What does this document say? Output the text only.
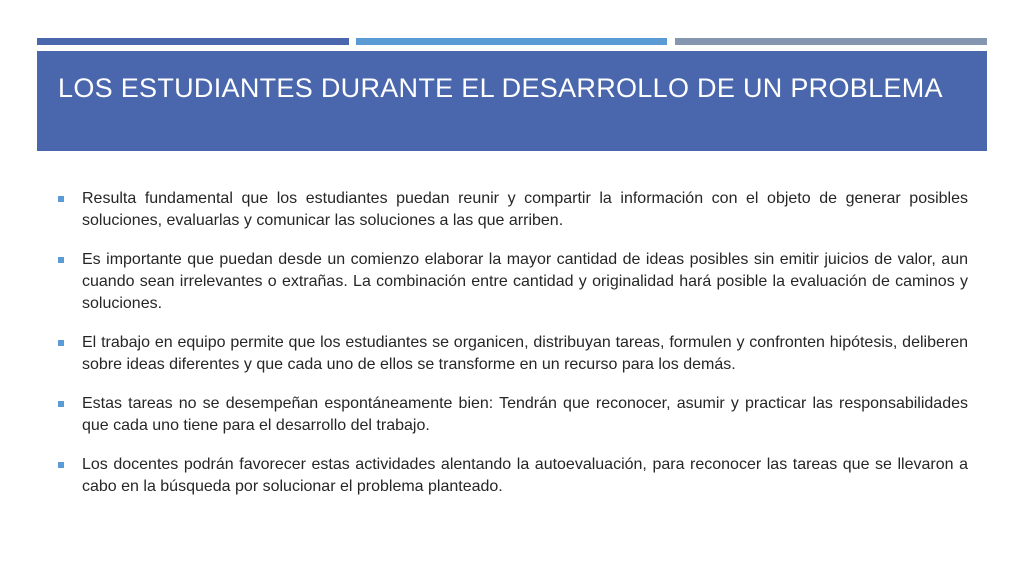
LOS ESTUDIANTES DURANTE EL DESARROLLO DE UN PROBLEMA
Resulta fundamental que los estudiantes puedan reunir y compartir la información con el objeto de generar posibles soluciones, evaluarlas y comunicar las soluciones a las que arriben.
Es importante que puedan desde un comienzo elaborar la mayor cantidad de ideas posibles sin emitir juicios de valor, aun cuando sean irrelevantes o extrañas. La combinación entre cantidad y originalidad hará posible la evaluación de caminos y soluciones.
El trabajo en equipo permite que los estudiantes se organicen, distribuyan tareas, formulen y confronten hipótesis, deliberen sobre ideas diferentes y que cada uno de ellos se transforme en un recurso para los demás.
Estas tareas no se desempeñan espontáneamente bien: Tendrán que reconocer, asumir y practicar las responsabilidades que cada uno tiene para el desarrollo del trabajo.
Los docentes podrán favorecer estas actividades alentando la autoevaluación, para reconocer las tareas que se llevaron a cabo en la búsqueda por solucionar el problema planteado.
